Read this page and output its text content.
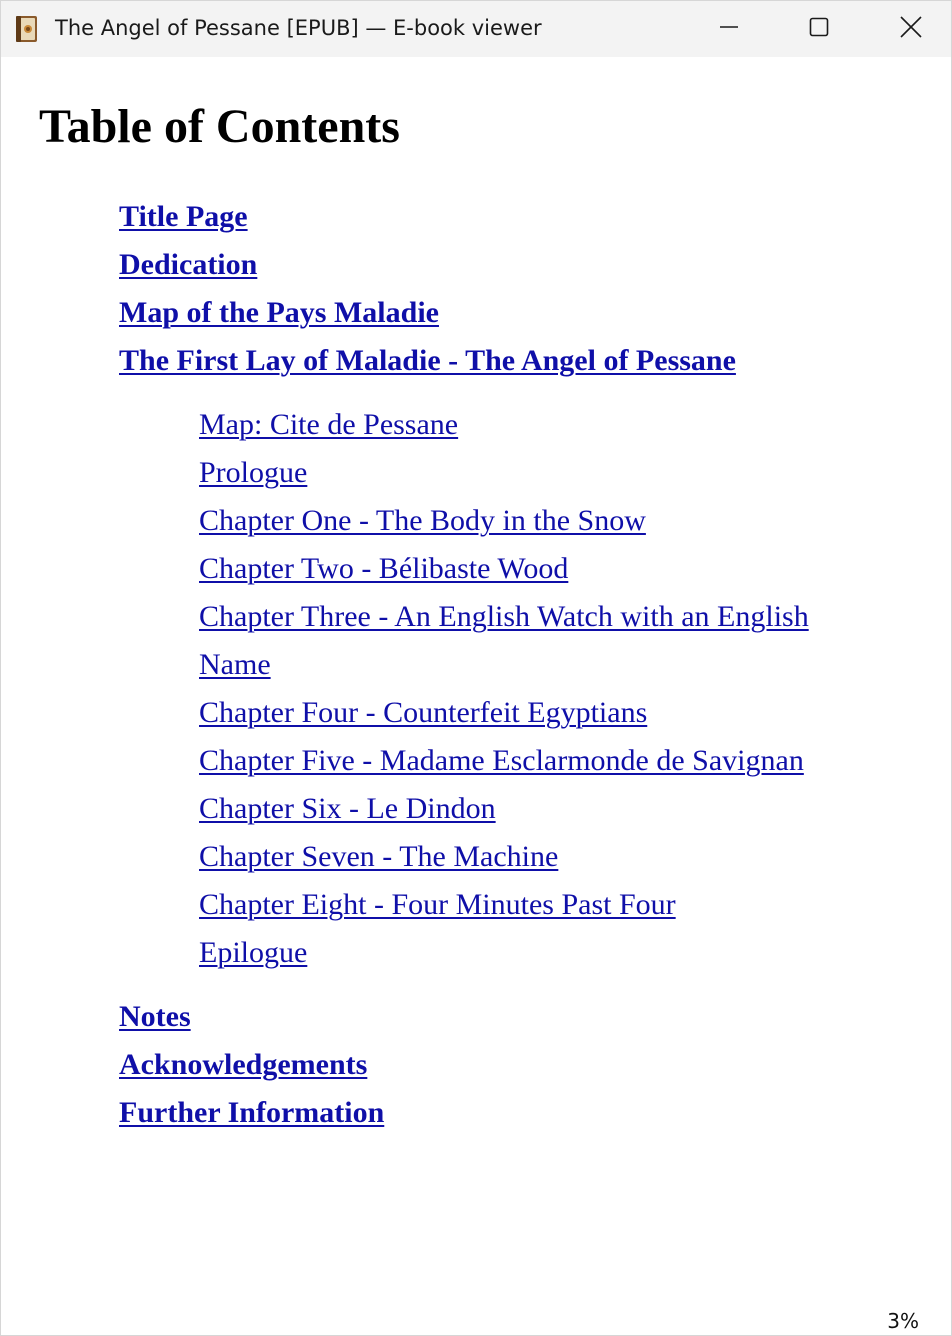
The Angel of Pessane [EPUB] — E-book viewer
Table of Contents
Title Page
Dedication
Map of the Pays Maladie
The First Lay of Maladie - The Angel of Pessane
Map: Cite de Pessane
Prologue
Chapter One - The Body in the Snow
Chapter Two - Bélibaste Wood
Chapter Three - An English Watch with an English
Name
Chapter Four - Counterfeit Egyptians
Chapter Five - Madame Esclarmonde de Savignan
Chapter Six - Le Dindon
Chapter Seven - The Machine
Chapter Eight - Four Minutes Past Four
Epilogue
Notes
Acknowledgements
Further Information
3%
